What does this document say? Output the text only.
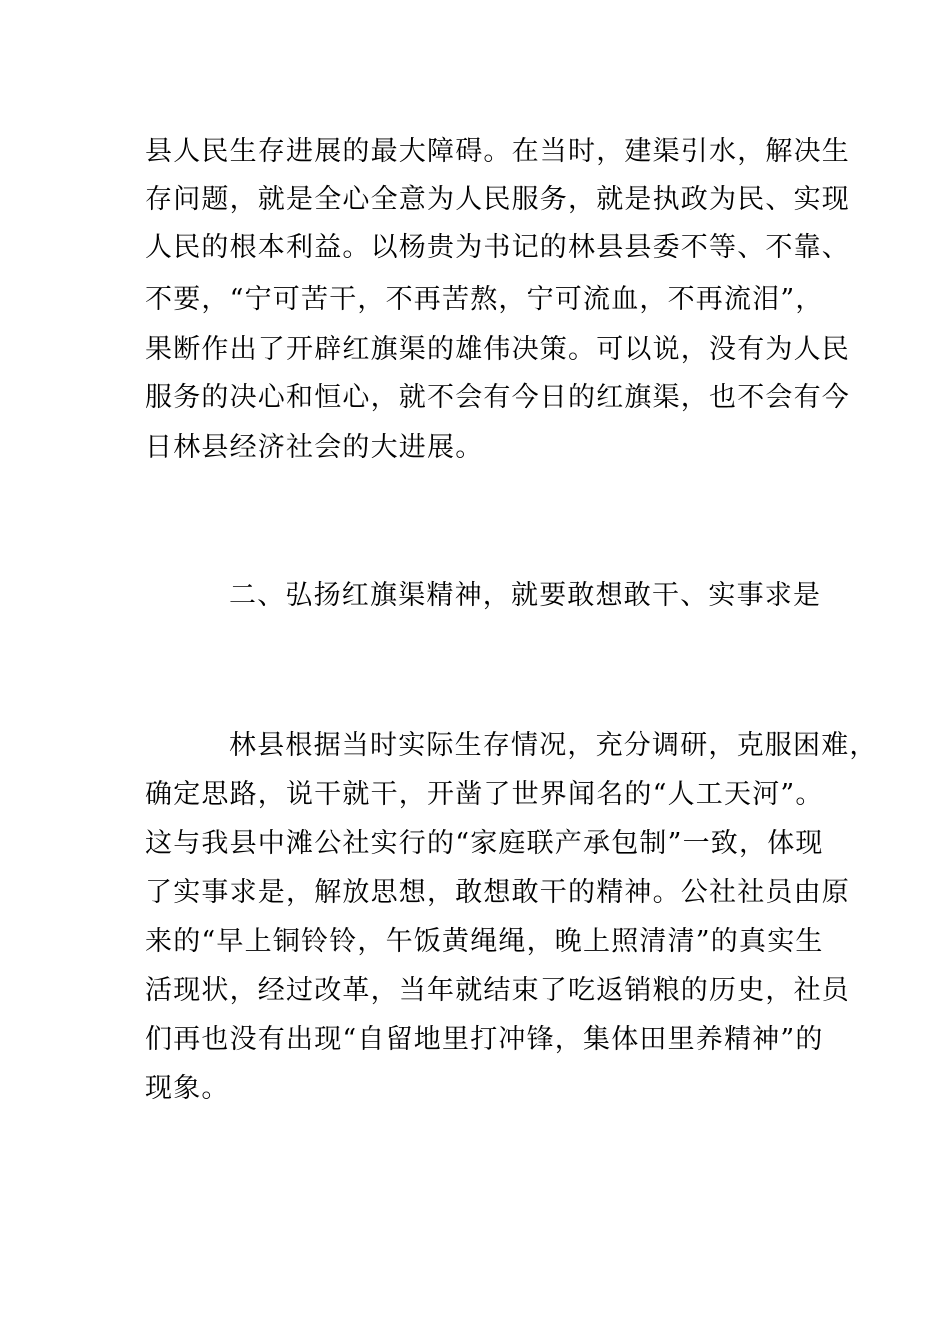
县人民生存进展的最大障碍。在当时，建渠引水，解决生
存问题，就是全心全意为人民服务，就是执政为民、实现
人民的根本利益。以杨贵为书记的林县县委不等、不靠、
不要，“宁可苦干，不再苦熬，宁可流血，不再流泪”，
果断作出了开辟红旗渠的雄伟决策。可以说，没有为人民
服务的决心和恒心，就不会有今日的红旗渠，也不会有今
日林县经济社会的大进展。
二、弘扬红旗渠精神，就要敢想敢干、实事求是
林县根据当时实际生存情况，充分调研，克服困难，
确定思路，说干就干，开凿了世界闻名的“人工天河”。
这与我县中滩公社实行的“家庭联产承包制”一致，体现
了实事求是，解放思想，敢想敢干的精神。公社社员由原
来的“早上铜铃铃，午饭黄绳绳，晚上照清清”的真实生
活现状，经过改革，当年就结束了吃返销粮的历史，社员
们再也没有出现“自留地里打冲锋，集体田里养精神”的
现象。
